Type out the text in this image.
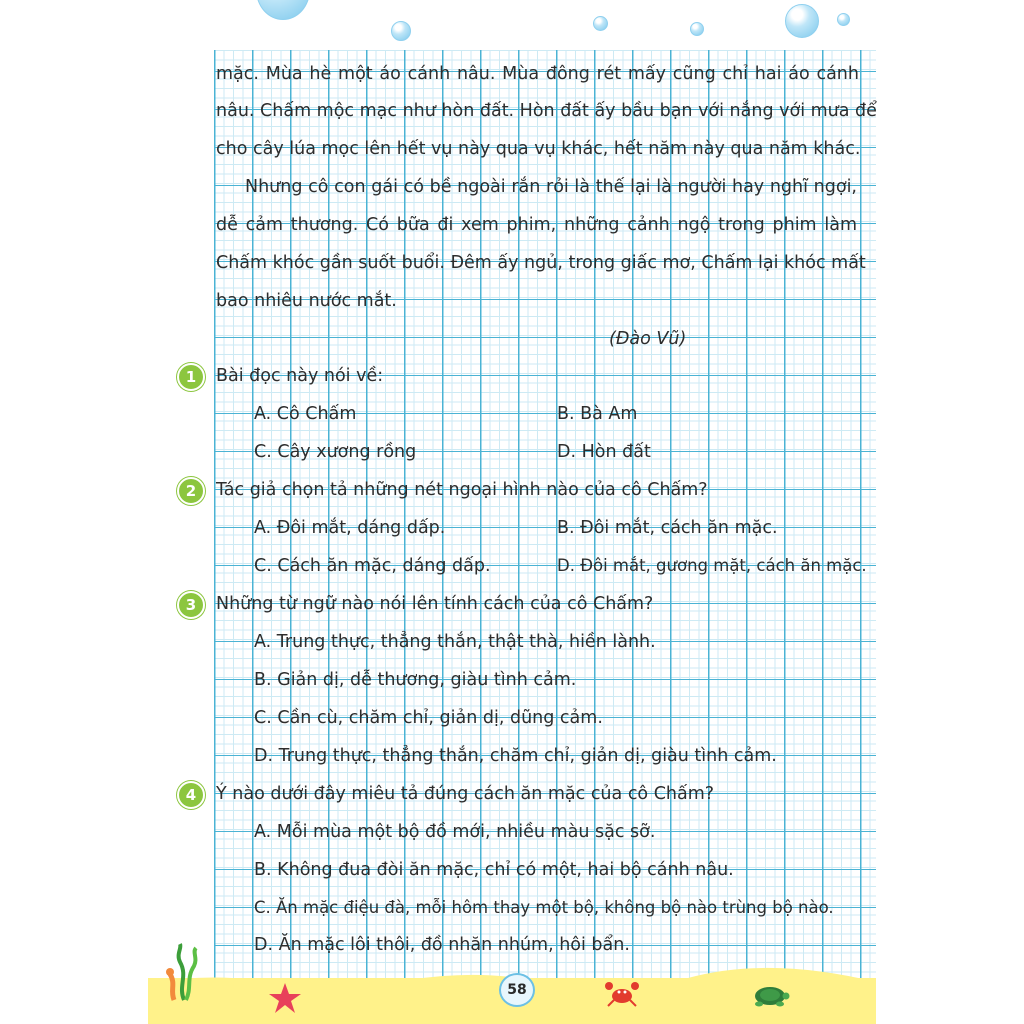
mặc. Mùa hè một áo cánh nâu. Mùa đông rét mấy cũng chỉ hai áo cánh
nâu. Chấm mộc mạc như hòn đất. Hòn đất ấy bầu bạn với nắng với mưa để
cho cây lúa mọc lên hết vụ này qua vụ khác, hết năm này qua năm khác.
Nhưng cô con gái có bề ngoài rắn rỏi là thế lại là người hay nghĩ ngợi,
dễ cảm thương. Có bữa đi xem phim, những cảnh ngộ trong phim làm
Chấm khóc gần suốt buổi. Đêm ấy ngủ, trong giấc mơ, Chấm lại khóc mất
bao nhiêu nước mắt.
(Đào Vũ)
1	Bài đọc này nói về:
A. Cô Chấm	B. Bà Am
C. Cây xương rồng	D. Hòn đất
2	Tác giả chọn tả những nét ngoại hình nào của cô Chấm?
A. Đôi mắt, dáng dấp.	B. Đôi mắt, cách ăn mặc.
C. Cách ăn mặc, dáng dấp.	D. Đôi mắt, gương mặt, cách ăn mặc.
3	Những từ ngữ nào nói lên tính cách của cô Chấm?
A. Trung thực, thẳng thắn, thật thà, hiền lành.
B. Giản dị, dễ thương, giàu tình cảm.
C. Cần cù, chăm chỉ, giản dị, dũng cảm.
D. Trung thực, thẳng thắn, chăm chỉ, giản dị, giàu tình cảm.
4	Ý nào dưới đây miêu tả đúng cách ăn mặc của cô Chấm?
A. Mỗi mùa một bộ đồ mới, nhiều màu sặc sỡ.
B. Không đua đòi ăn mặc, chỉ có một, hai bộ cánh nâu.
C. Ăn mặc điệu đà, mỗi hôm thay một bộ, không bộ nào trùng bộ nào.
D. Ăn mặc lôi thôi, đồ nhăn nhúm, hôi bẩn.
58
